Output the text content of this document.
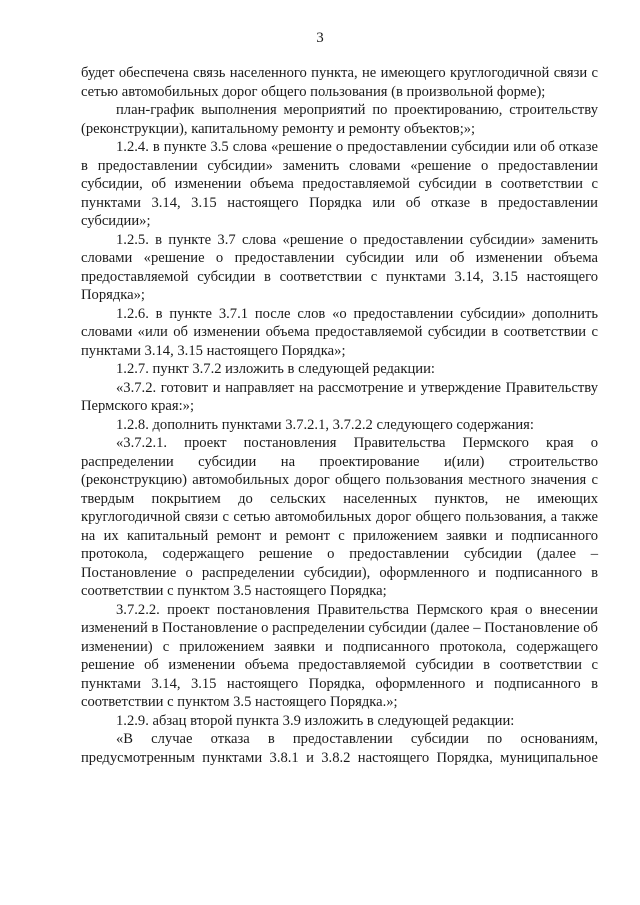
3

будет обеспечена связь населенного пункта, не имеющего круглогодичной связи с сетью автомобильных дорог общего пользования (в произвольной форме);

план-график выполнения мероприятий по проектированию, строительству (реконструкции), капитальному ремонту и ремонту объектов;»;

1.2.4. в пункте 3.5 слова «решение о предоставлении субсидии или об отказе в предоставлении субсидии» заменить словами «решение о предоставлении субсидии, об изменении объема предоставляемой субсидии в соответствии с пунктами 3.14, 3.15 настоящего Порядка или об отказе в предоставлении субсидии»;

1.2.5. в пункте 3.7 слова «решение о предоставлении субсидии» заменить словами «решение о предоставлении субсидии или об изменении объема предоставляемой субсидии в соответствии с пунктами 3.14, 3.15 настоящего Порядка»;

1.2.6. в пункте 3.7.1 после слов «о предоставлении субсидии» дополнить словами «или об изменении объема предоставляемой субсидии в соответствии с пунктами 3.14, 3.15 настоящего Порядка»;

1.2.7. пункт 3.7.2 изложить в следующей редакции:

«3.7.2. готовит и направляет на рассмотрение и утверждение Правительству Пермского края:»;

1.2.8. дополнить пунктами 3.7.2.1, 3.7.2.2 следующего содержания:

«3.7.2.1. проект постановления Правительства Пермского края о распределении субсидии на проектирование и(или) строительство (реконструкцию) автомобильных дорог общего пользования местного значения с твердым покрытием до сельских населенных пунктов, не имеющих круглогодичной связи с сетью автомобильных дорог общего пользования, а также на их капитальный ремонт и ремонт с приложением заявки и подписанного протокола, содержащего решение о предоставлении субсидии (далее – Постановление о распределении субсидии), оформленного и подписанного в соответствии с пунктом 3.5 настоящего Порядка;

3.7.2.2. проект постановления Правительства Пермского края о внесении изменений в Постановление о распределении субсидии (далее – Постановление об изменении) с приложением заявки и подписанного протокола, содержащего решение об изменении объема предоставляемой субсидии в соответствии с пунктами 3.14, 3.15 настоящего Порядка, оформленного и подписанного в соответствии с пунктом 3.5 настоящего Порядка.»;

1.2.9. абзац второй пункта 3.9 изложить в следующей редакции:

«В случае отказа в предоставлении субсидии по основаниям, предусмотренным пунктами 3.8.1 и 3.8.2 настоящего Порядка, муниципальное
